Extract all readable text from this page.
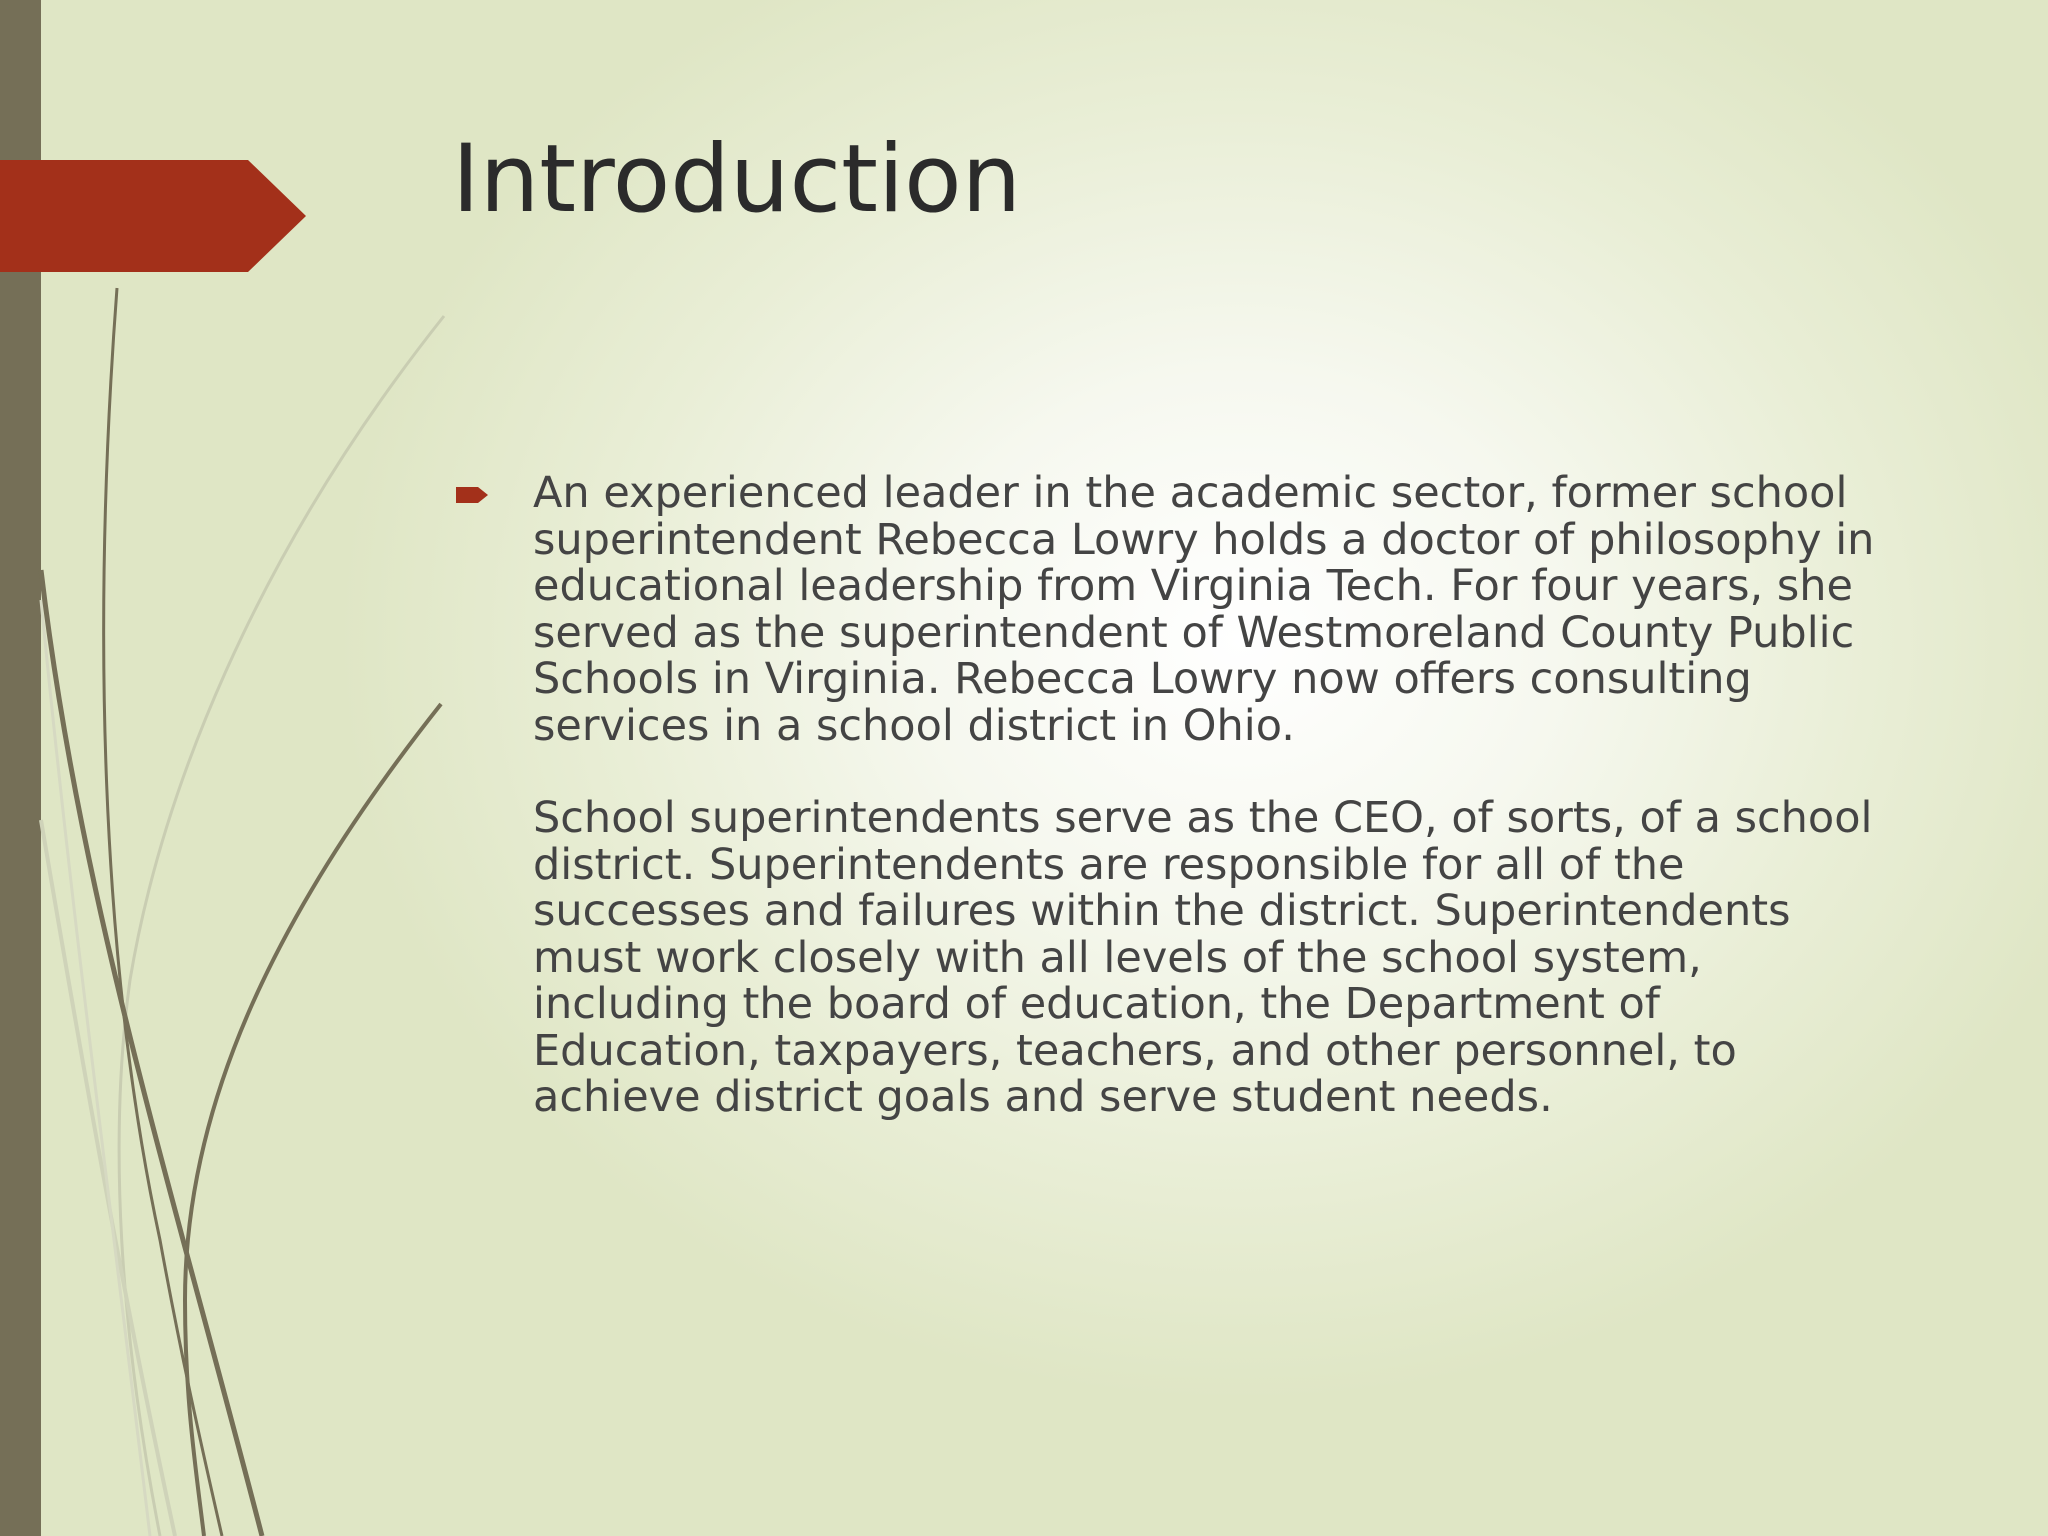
Introduction

An experienced leader in the academic sector, former school superintendent Rebecca Lowry holds a doctor of philosophy in educational leadership from Virginia Tech. For four years, she served as the superintendent of Westmoreland County Public Schools in Virginia. Rebecca Lowry now offers consulting services in a school district in Ohio.

School superintendents serve as the CEO, of sorts, of a school district. Superintendents are responsible for all of the successes and failures within the district. Superintendents must work closely with all levels of the school system, including the board of education, the Department of Education, taxpayers, teachers, and other personnel, to achieve district goals and serve student needs.
